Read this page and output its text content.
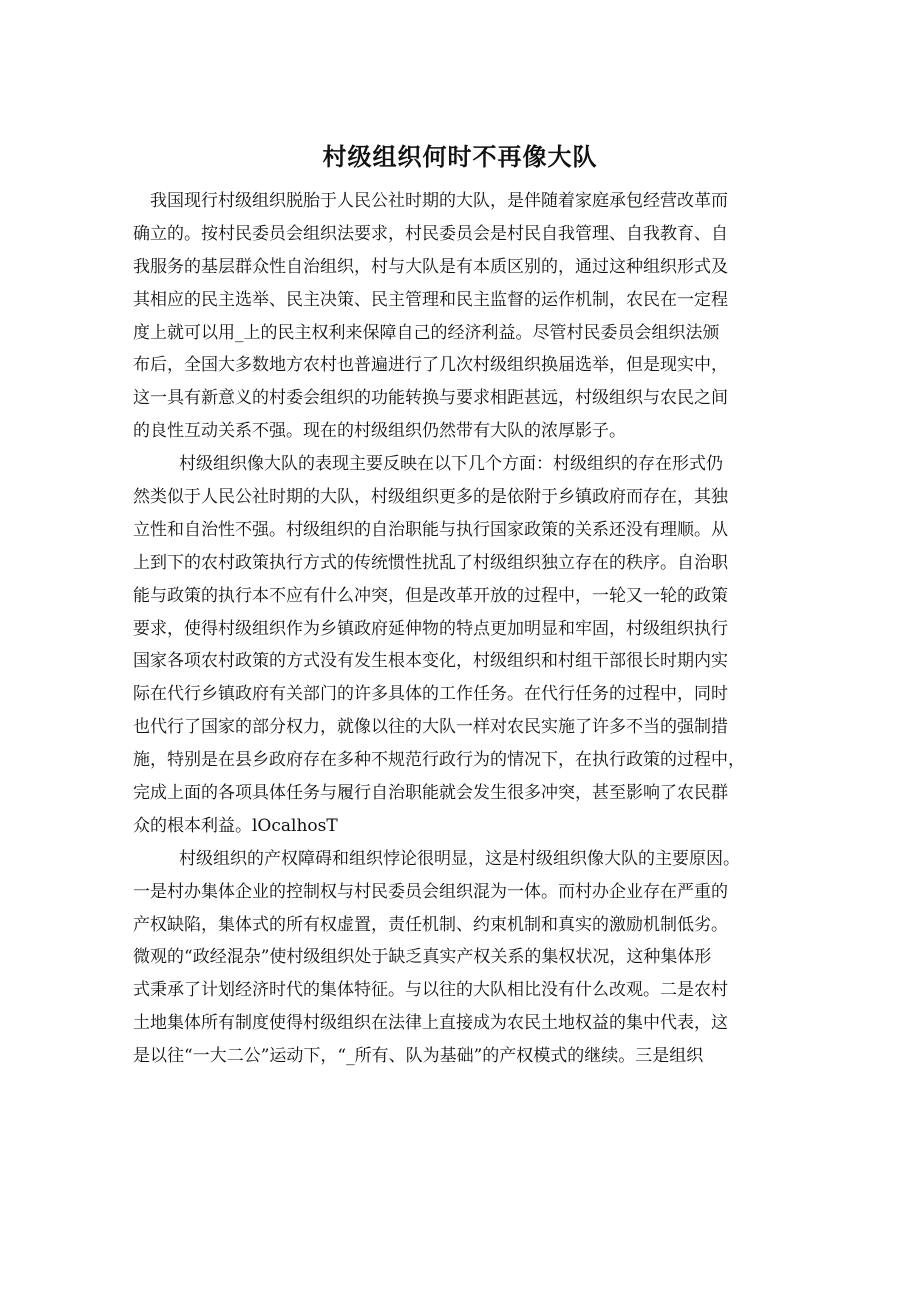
村级组织何时不再像大队
我国现行村级组织脱胎于人民公社时期的大队，是伴随着家庭承包经营改革而
确立的。按村民委员会组织法要求，村民委员会是村民自我管理、自我教育、自
我服务的基层群众性自治组织，村与大队是有本质区别的，通过这种组织形式及
其相应的民主选举、民主决策、民主管理和民主监督的运作机制，农民在一定程
度上就可以用_上的民主权利来保障自己的经济利益。尽管村民委员会组织法颁
布后，全国大多数地方农村也普遍进行了几次村级组织换届选举，但是现实中，
这一具有新意义的村委会组织的功能转换与要求相距甚远，村级组织与农民之间
的良性互动关系不强。现在的村级组织仍然带有大队的浓厚影子。
村级组织像大队的表现主要反映在以下几个方面：村级组织的存在形式仍
然类似于人民公社时期的大队，村级组织更多的是依附于乡镇政府而存在，其独
立性和自治性不强。村级组织的自治职能与执行国家政策的关系还没有理顺。从
上到下的农村政策执行方式的传统惯性扰乱了村级组织独立存在的秩序。自治职
能与政策的执行本不应有什么冲突，但是改革开放的过程中，一轮又一轮的政策
要求，使得村级组织作为乡镇政府延伸物的特点更加明显和牢固，村级组织执行
国家各项农村政策的方式没有发生根本变化，村级组织和村组干部很长时期内实
际在代行乡镇政府有关部门的许多具体的工作任务。在代行任务的过程中，同时
也代行了国家的部分权力，就像以往的大队一样对农民实施了许多不当的强制措
施，特别是在县乡政府存在多种不规范行政行为的情况下，在执行政策的过程中，
完成上面的各项具体任务与履行自治职能就会发生很多冲突，甚至影响了农民群
众的根本利益。lOcalhosT
村级组织的产权障碍和组织悖论很明显，这是村级组织像大队的主要原因。
一是村办集体企业的控制权与村民委员会组织混为一体。而村办企业存在严重的
产权缺陷，集体式的所有权虚置，责任机制、约束机制和真实的激励机制低劣。
微观的“政经混杂”使村级组织处于缺乏真实产权关系的集权状况，这种集体形
式秉承了计划经济时代的集体特征。与以往的大队相比没有什么改观。二是农村
土地集体所有制度使得村级组织在法律上直接成为农民土地权益的集中代表，这
是以往“一大二公”运动下，“_所有、队为基础”的产权模式的继续。三是组织
